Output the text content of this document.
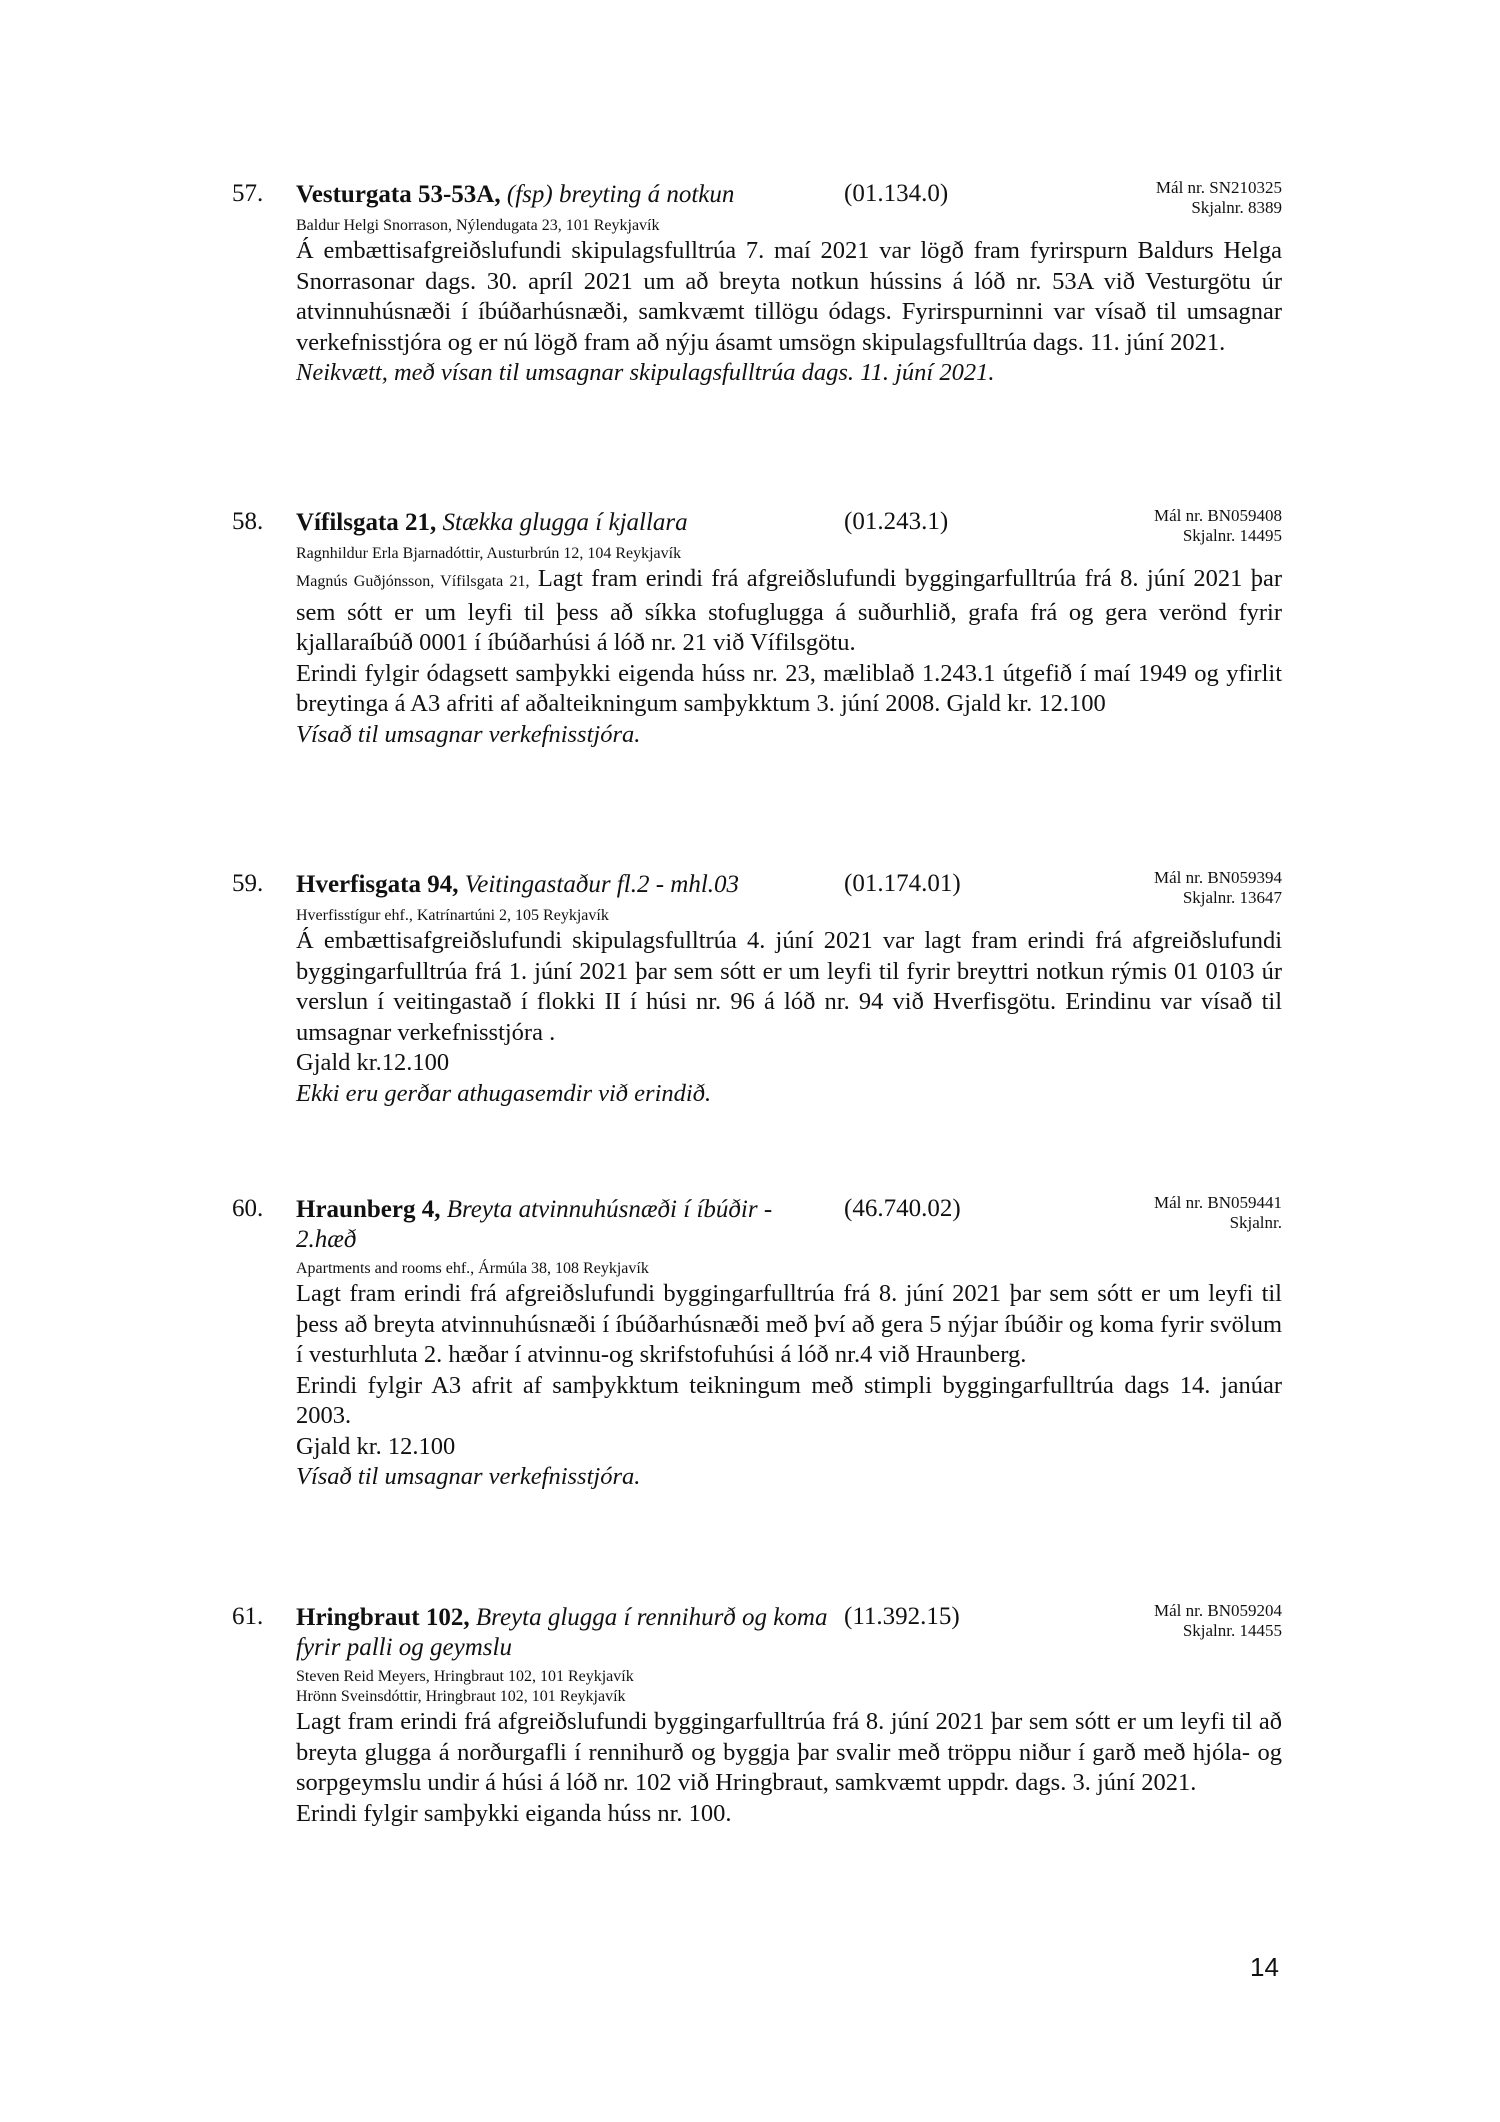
57. Vesturgata 53-53A, (fsp) breyting á notkun	(01.134.0)	Mál nr. SN210325
Skjalnr. 8389
Baldur Helgi Snorrason, Nýlendugata 23, 101 Reykjavík

Á embættisafgreiðslufundi skipulagsfulltrúa 7. maí 2021 var lögð fram fyrirspurn Baldurs Helga Snorrasonar dags. 30. apríl 2021 um að breyta notkun hússins á lóð nr. 53A við Vesturgötu úr atvinnuhúsnæði í íbúðarhúsnæði, samkvæmt tillögu ódags. Fyrirspurninni var vísað til umsagnar verkefnisstjóra og er nú lögð fram að nýju ásamt umsögn skipulagsfulltrúa dags. 11. júní 2021.

Neikvætt, með vísan til umsagnar skipulagsfulltrúa dags. 11. júní 2021.
58. Vífilsgata 21, Stækka glugga í kjallara	(01.243.1)	Mál nr. BN059408
Skjalnr. 14495
Ragnhildur Erla Bjarnadóttir, Austurbrún 12, 104 Reykjavík

Magnús Guðjónsson, Vífilsgata 21, Lagt fram erindi frá afgreiðslufundi byggingarfulltrúa frá 8. júní 2021 þar sem sótt er um leyfi til þess að síkka stofuglugga á suðurhlið, grafa frá og gera verönd fyrir kjallaraíbúð 0001 í íbúðarhúsi á lóð nr. 21 við Vífilsgötu.

Erindi fylgir ódagsett samþykki eigenda húss nr. 23, mæliblað 1.243.1 útgefið í maí 1949 og yfirlit breytinga á A3 afriti af aðalteikningum samþykktum 3. júní 2008. Gjald kr. 12.100

Vísað til umsagnar verkefnisstjóra.
59. Hverfisgata 94, Veitingastaður fl.2 - mhl.03	(01.174.01)	Mál nr. BN059394
Skjalnr. 13647
Hverfisstígur ehf., Katrínartúni 2, 105 Reykjavík

Á embættisafgreiðslufundi skipulagsfulltrúa 4. júní 2021 var lagt fram erindi frá afgreiðslufundi byggingarfulltrúa frá 1. júní 2021 þar sem sótt er um leyfi til fyrir breyttri notkun rýmis 01 0103 úr verslun í veitingastað í flokki II í húsi nr. 96 á lóð nr. 94 við Hverfisgötu. Erindinu var vísað til umsagnar verkefnisstjóra .

Gjald kr.12.100

Ekki eru gerðar athugasemdir við erindið.
60. Hraunberg 4, Breyta atvinnuhúsnæði í íbúðir - 2.hæð
(46.740.02)	Mál nr. BN059441
Skjalnr.
Apartments and rooms ehf., Ármúla 38, 108 Reykjavík

Lagt fram erindi frá afgreiðslufundi byggingarfulltrúa frá 8. júní 2021 þar sem sótt er um leyfi til þess að breyta atvinnuhúsnæði í íbúðarhúsnæði með því að gera 5 nýjar íbúðir og koma fyrir svölum í vesturhluta 2. hæðar í atvinnu-og skrifstofuhúsi á lóð nr.4 við Hraunberg.

Erindi fylgir A3 afrit af samþykktum teikningum með stimpli byggingarfulltrúa dags 14. janúar 2003.

Gjald kr. 12.100

Vísað til umsagnar verkefnisstjóra.
61. Hringbraut 102, Breyta glugga í rennihurð og koma fyrir palli og geymslu
(11.392.15)	Mál nr. BN059204
Skjalnr. 14455
Steven Reid Meyers, Hringbraut 102, 101 Reykjavík
Hrönn Sveinsdóttir, Hringbraut 102, 101 Reykjavík

Lagt fram erindi frá afgreiðslufundi byggingarfulltrúa frá 8. júní 2021 þar sem sótt er um leyfi til að breyta glugga á norðurgafli í rennihurð og byggja þar svalir með tröppu niður í garð með hjóla- og sorpgeymslu undir á húsi á lóð nr. 102 við Hringbraut, samkvæmt uppdr. dags. 3. júní 2021.

Erindi fylgir samþykki eiganda húss nr. 100.

14
